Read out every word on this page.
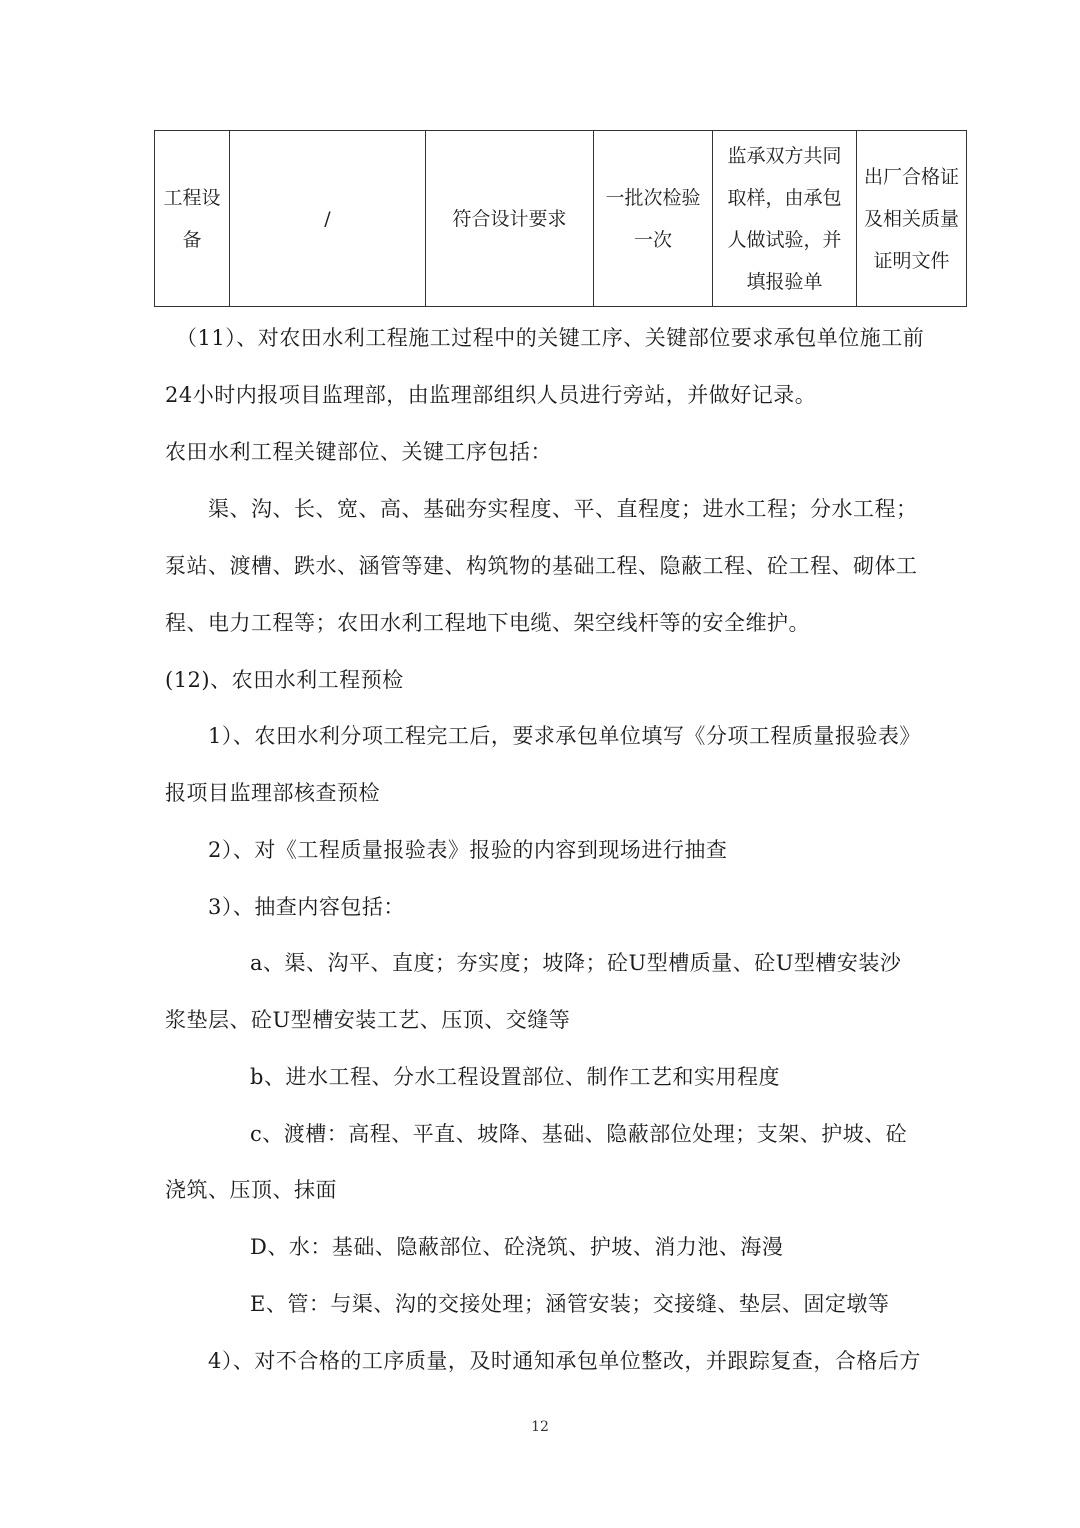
工程设备	/	符合设计要求	一批次检验一次	监承双方共同取样，由承包人做试验，并填报验单	出厂合格证及相关质量证明文件
（11）、对农田水利工程施工过程中的关键工序、关键部位要求承包单位施工前
24小时内报项目监理部，由监理部组织人员进行旁站，并做好记录。
农田水利工程关键部位、关键工序包括：
渠、沟、长、宽、高、基础夯实程度、平、直程度；进水工程；分水工程；
泵站、渡槽、跌水、涵管等建、构筑物的基础工程、隐蔽工程、砼工程、砌体工
程、电力工程等；农田水利工程地下电缆、架空线杆等的安全维护。
(12)、农田水利工程预检
1）、农田水利分项工程完工后，要求承包单位填写《分项工程质量报验表》
报项目监理部核查预检
2）、对《工程质量报验表》报验的内容到现场进行抽查
3）、抽查内容包括：
a、渠、沟平、直度；夯实度；坡降；砼U型槽质量、砼U型槽安装沙
浆垫层、砼U型槽安装工艺、压顶、交缝等
b、进水工程、分水工程设置部位、制作工艺和实用程度
c、渡槽：高程、平直、坡降、基础、隐蔽部位处理；支架、护坡、砼
浇筑、压顶、抹面
D、水：基础、隐蔽部位、砼浇筑、护坡、消力池、海漫
E、管：与渠、沟的交接处理；涵管安装；交接缝、垫层、固定墩等
4）、对不合格的工序质量，及时通知承包单位整改，并跟踪复查，合格后方
12
